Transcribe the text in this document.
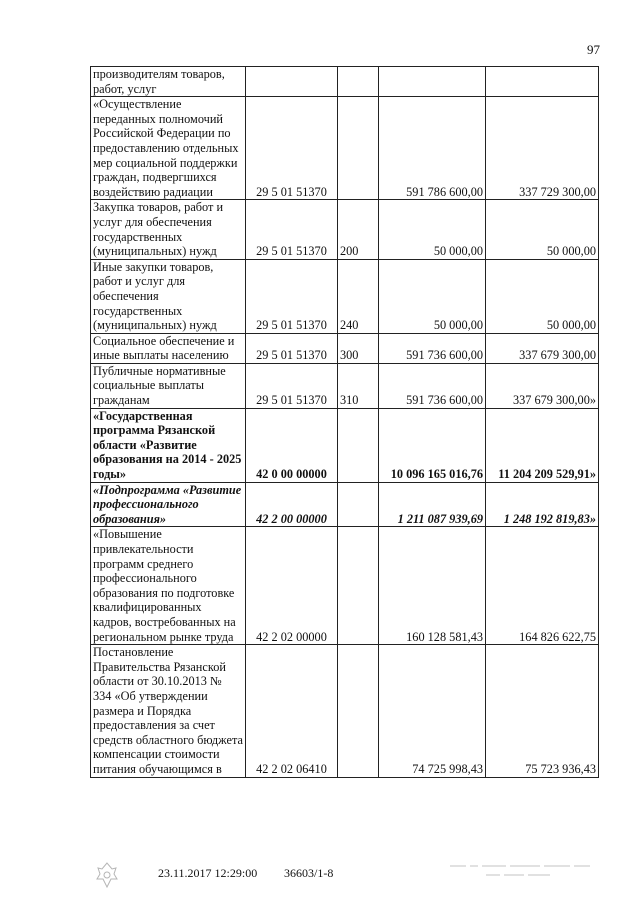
97
производителям товаров, работ, услуг				

«Осуществление переданных полномочий Российской Федерации по предоставлению отдельных мер социальной поддержки граждан, подвергшихся воздействию радиации	29 5 01 51370		591 786 600,00	337 729 300,00

Закупка товаров, работ и услуг для обеспечения государственных (муниципальных) нужд	29 5 01 51370	200	50 000,00	50 000,00

Иные закупки товаров, работ и услуг для обеспечения государственных (муниципальных) нужд	29 5 01 51370	240	50 000,00	50 000,00

Социальное обеспечение и иные выплаты населению	29 5 01 51370	300	591 736 600,00	337 679 300,00

Публичные нормативные социальные выплаты гражданам	29 5 01 51370	310	591 736 600,00	337 679 300,00»

«Государственная программа Рязанской области «Развитие образования на 2014 - 2025 годы»	42 0 00 00000		10 096 165 016,76	11 204 209 529,91»

«Подпрограмма «Развитие профессионального образования»	42 2 00 00000		1 211 087 939,69	1 248 192 819,83»

«Повышение привлекательности программ среднего профессионального образования по подготовке квалифицированных кадров, востребованных на региональном рынке труда	42 2 02 00000		160 128 581,43	164 826 622,75

Постановление Правительства Рязанской области от 30.10.2013 № 334 «Об утверждении размера и Порядка предоставления за счет средств областного бюджета компенсации стоимости питания обучающимся в	42 2 02 06410		74 725 998,43	75 723 936,43
23.11.2017 12:29:00 36603/1-8
